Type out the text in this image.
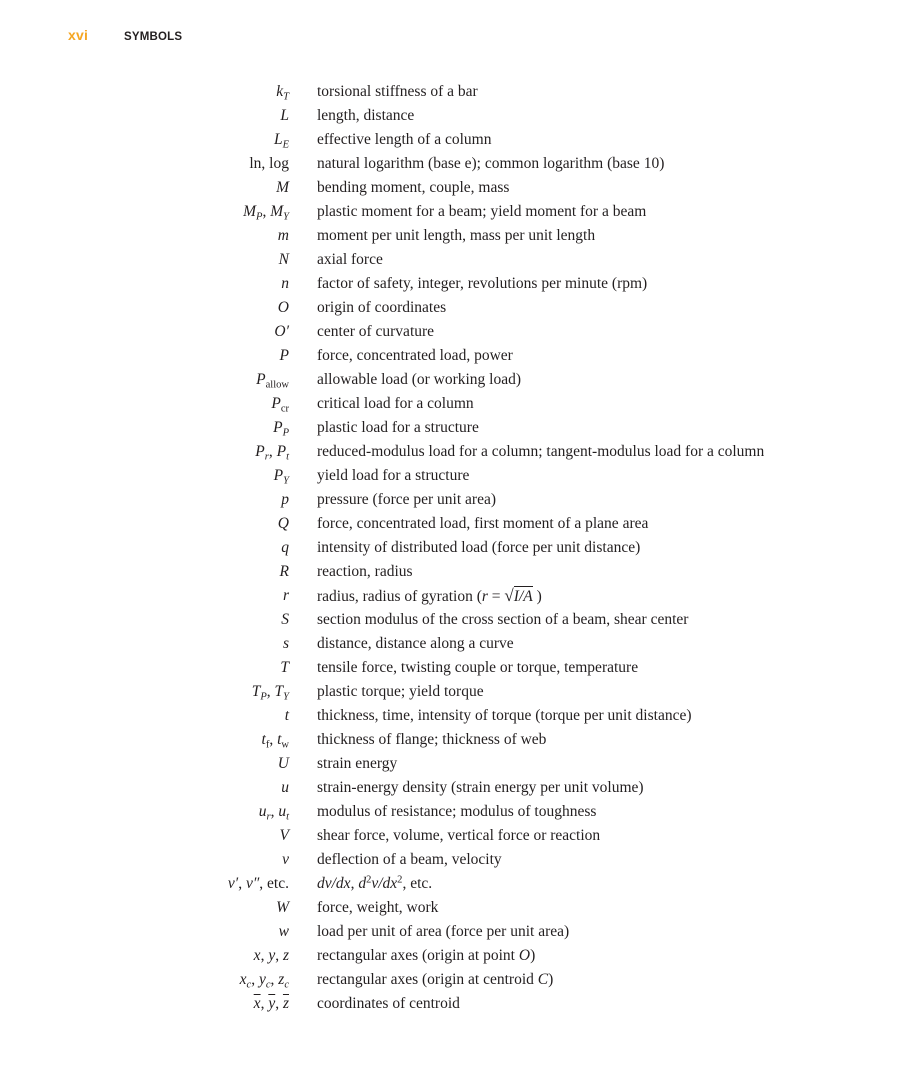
xvi	SYMBOLS
$k_T$	torsional stiffness of a bar
L	length, distance
$L_E$	effective length of a column
ln, log	natural logarithm (base e); common logarithm (base 10)
M	bending moment, couple, mass
$M_P$, $M_Y$	plastic moment for a beam; yield moment for a beam
m	moment per unit length, mass per unit length
N	axial force
n	factor of safety, integer, revolutions per minute (rpm)
O	origin of coordinates
O′	center of curvature
P	force, concentrated load, power
$P_{allow}$	allowable load (or working load)
$P_{cr}$	critical load for a column
$P_P$	plastic load for a structure
$P_r$, $P_t$	reduced-modulus load for a column; tangent-modulus load for a column
$P_Y$	yield load for a structure
p	pressure (force per unit area)
Q	force, concentrated load, first moment of a plane area
q	intensity of distributed load (force per unit distance)
R	reaction, radius
r	radius, radius of gyration (r = √I/A )
S	section modulus of the cross section of a beam, shear center
s	distance, distance along a curve
T	tensile force, twisting couple or torque, temperature
$T_P$, $T_Y$	plastic torque; yield torque
t	thickness, time, intensity of torque (torque per unit distance)
$t_f$, $t_w$	thickness of flange; thickness of web
U	strain energy
u	strain-energy density (strain energy per unit volume)
$u_r$, $u_t$	modulus of resistance; modulus of toughness
V	shear force, volume, vertical force or reaction
v	deflection of a beam, velocity
v′, v″, etc.	dv/dx, $d^2v/dx^2$, etc.
W	force, weight, work
w	load per unit of area (force per unit area)
x, y, z	rectangular axes (origin at point O)
$x_c$, $y_c$, $z_c$	rectangular axes (origin at centroid C)
$\overline{x}$, $\overline{y}$, $\overline{z}$	coordinates of centroid
